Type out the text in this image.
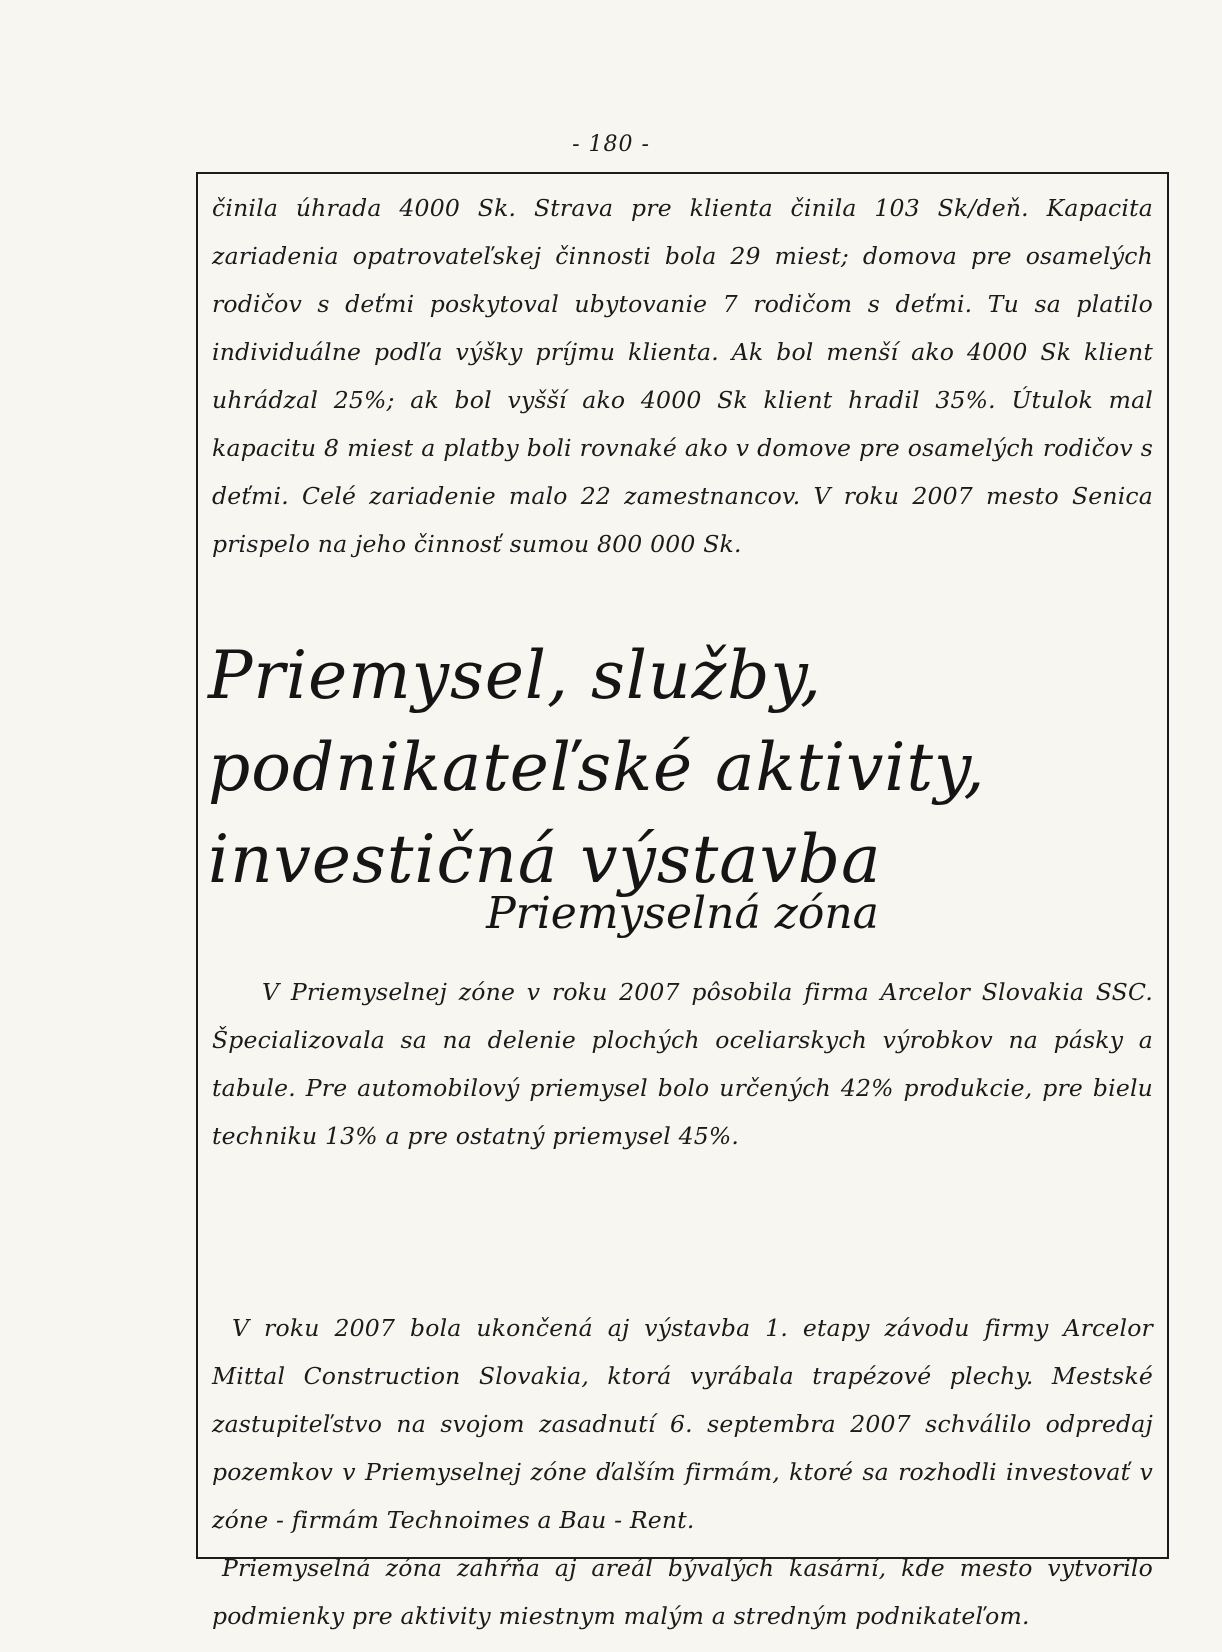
- 180 -

činila úhrada 4000 Sk. Strava pre klienta činila 103 Sk/deň. Kapacita zariadenia opatrovateľskej činnosti bola 29 miest; domova pre osamelých rodičov s deťmi poskytoval ubytovanie 7 rodičom s deťmi. Tu sa platilo individuálne podľa výšky príjmu klienta. Ak bol menší ako 4000 Sk klient uhrádzal 25%; ak bol vyšší ako 4000 Sk klient hradil 35%. Útulok mal kapacitu 8 miest a platby boli rovnaké ako v domove pre osamelých rodičov s deťmi. Celé zariadenie malo 22 zamestnancov. V roku 2007 mesto Senica prispelo na jeho činnosť sumou 800 000 Sk.

Priemysel, služby, podnikateľské aktivity, investičná výstavba
Priemyselná zóna

V Priemyselnej zóne v roku 2007 pôsobila firma Arcelor Slovakia SSC. Špecializovala sa na delenie plochých oceliarskych výrobkov na pásky a tabule. Pre automobilový priemysel bolo určených 42% produkcie, pre bielu techniku 13% a pre ostatný priemysel 45%.

V roku 2007 bola ukončená aj výstavba 1. etapy závodu firmy Arcelor Mittal Construction Slovakia, ktorá vyrábala trapézové plechy. Mestské zastupiteľstvo na svojom zasadnutí 6. septembra 2007 schválilo odpredaj pozemkov v Priemyselnej zóne ďalším firmám, ktoré sa rozhodli investovať v zóne - firmám Technoimes a Bau - Rent.

Priemyselná zóna zahŕňa aj areál bývalých kasární, kde mesto vytvorilo podmienky pre aktivity miestnym malým a stredným podnikateľom.
